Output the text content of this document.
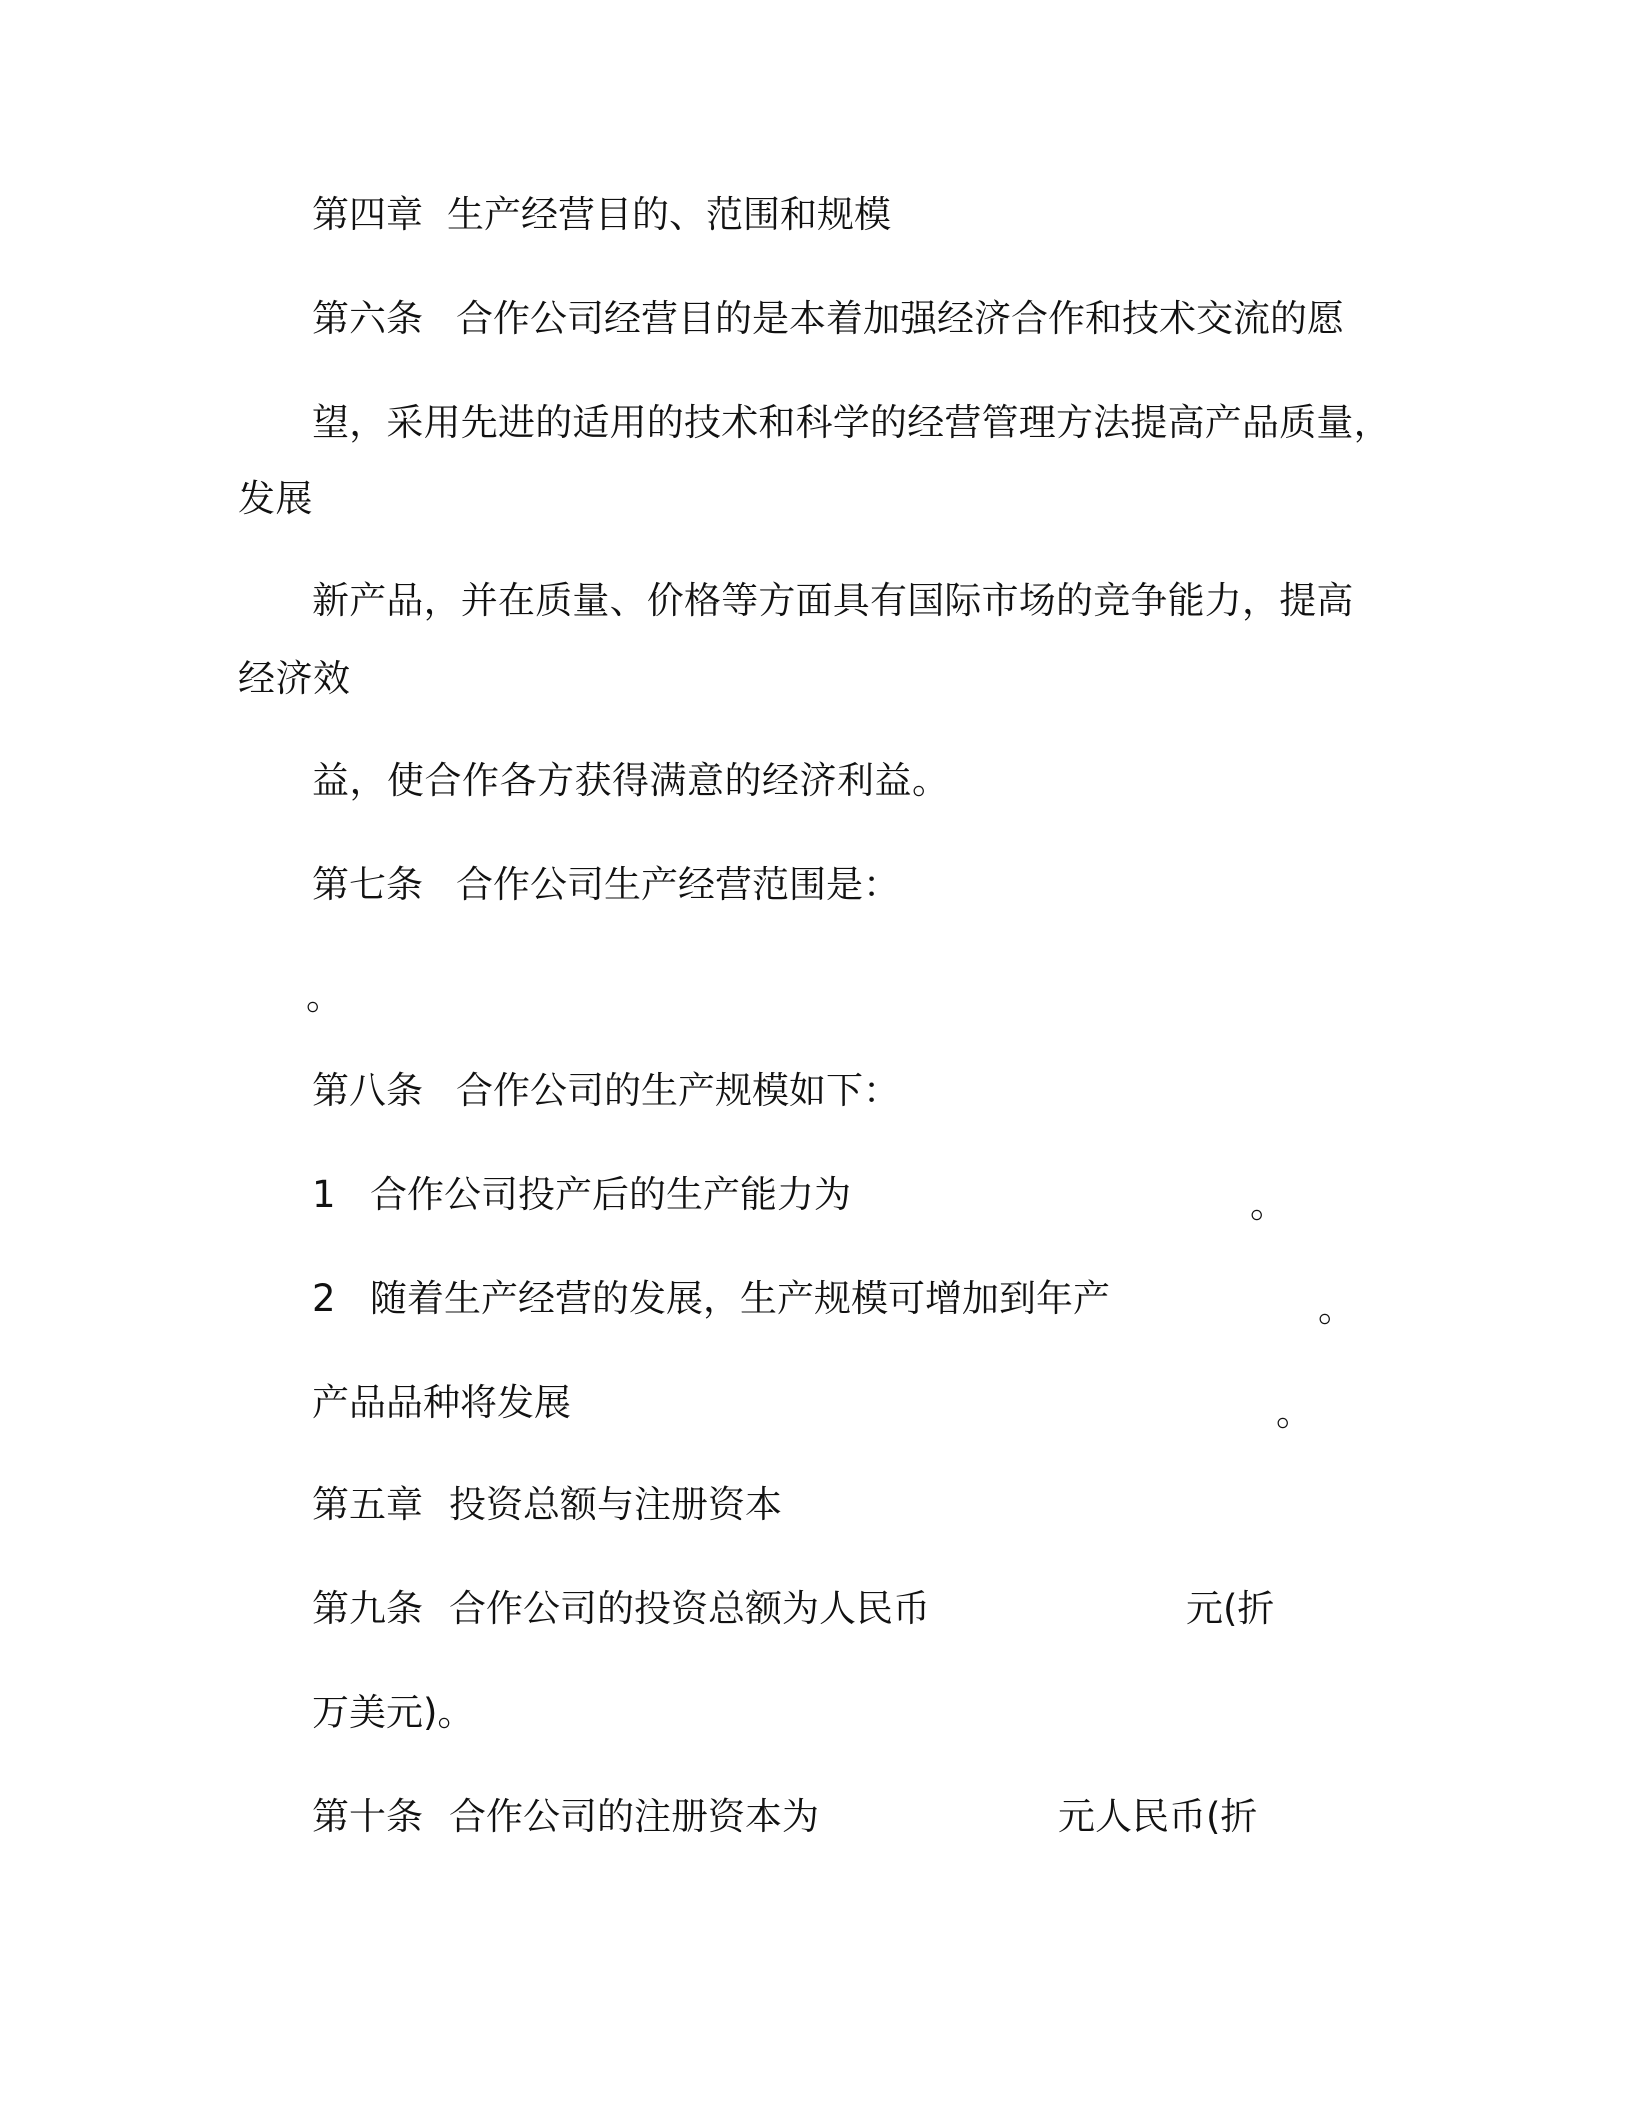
第四章 生产经营目的、范围和规模
第六条 合作公司经营目的是本着加强经济合作和技术交流的愿
望，采用先进的适用的技术和科学的经营管理方法提高产品质量，
发展
新产品，并在质量、价格等方面具有国际市场的竞争能力，提高
经济效
益，使合作各方获得满意的经济利益。
第七条 合作公司生产经营范围是：
。
第八条 合作公司的生产规模如下：
1 合作公司投产后的生产能力为	。
2 随着生产经营的发展，生产规模可增加到年产	。
产品品种将发展	。
第五章 投资总额与注册资本
第九条 合作公司的投资总额为人民币	元(折
万美元)。
第十条 合作公司的注册资本为	元人民币(折
